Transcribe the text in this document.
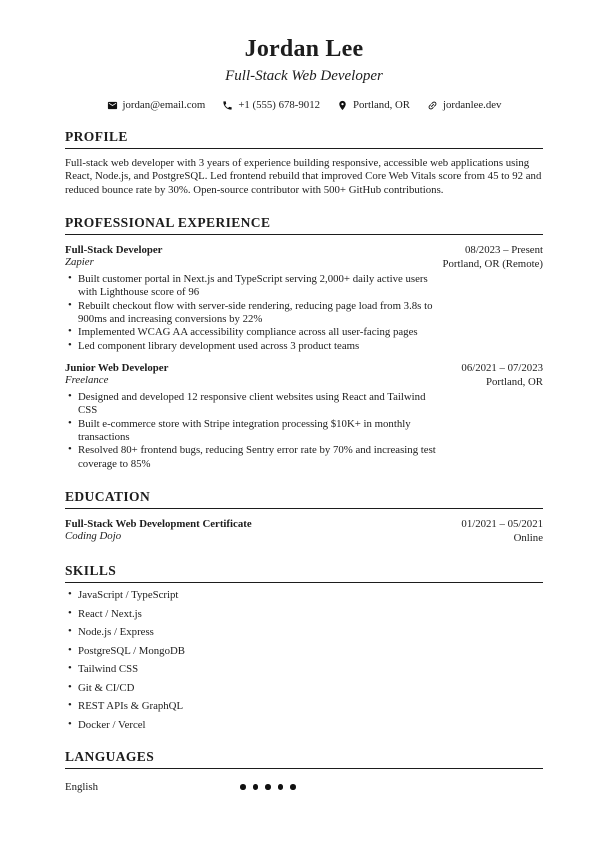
Jordan Lee
Full-Stack Web Developer
jordan@email.com	+1 (555) 678-9012	Portland, OR	jordanlee.dev
PROFILE

Full-stack web developer with 3 years of experience building responsive, accessible web applications using React, Node.js, and PostgreSQL. Led frontend rebuild that improved Core Web Vitals score from 45 to 92 and reduced bounce rate by 30%. Open-source contributor with 500+ GitHub contributions.

PROFESSIONAL EXPERIENCE
Full-Stack Developer
Zapier
08/2023 – Present
Portland, OR (Remote)
• Built customer portal in Next.js and TypeScript serving 2,000+ daily active users with Lighthouse score of 96
• Rebuilt checkout flow with server-side rendering, reducing page load from 3.8s to 900ms and increasing conversions by 22%
• Implemented WCAG AA accessibility compliance across all user-facing pages
• Led component library development used across 3 product teams
Junior Web Developer
Freelance
06/2021 – 07/2023
Portland, OR
• Designed and developed 12 responsive client websites using React and Tailwind CSS
• Built e-commerce store with Stripe integration processing $10K+ in monthly transactions
• Resolved 80+ frontend bugs, reducing Sentry error rate by 70% and increasing test coverage to 85%
EDUCATION
Full-Stack Web Development Certificate
Coding Dojo
01/2021 – 05/2021
Online
SKILLS
• JavaScript / TypeScript
• React / Next.js
• Node.js / Express
• PostgreSQL / MongoDB
• Tailwind CSS
• Git & CI/CD
• REST APIs & GraphQL
• Docker / Vercel
LANGUAGES
English
